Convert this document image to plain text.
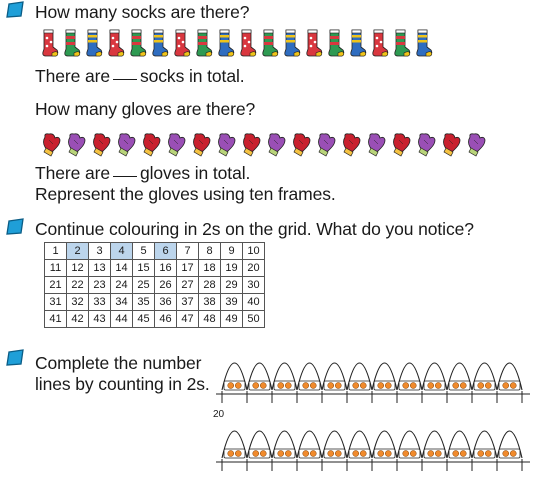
How many socks are there?
There are socks in total.
How many gloves are there?
There are gloves in total.
Represent the gloves using ten frames.
Continue colouring in 2s on the grid. What do you notice?
1	2	3	4	5	6	7	8	9	10
11	12	13	14	15	16	17	18	19	20
21	22	23	24	25	26	27	28	29	30
31	32	33	34	35	36	37	38	39	40
41	42	43	44	45	46	47	48	49	50
Complete the number
lines by counting in 2s.
20
